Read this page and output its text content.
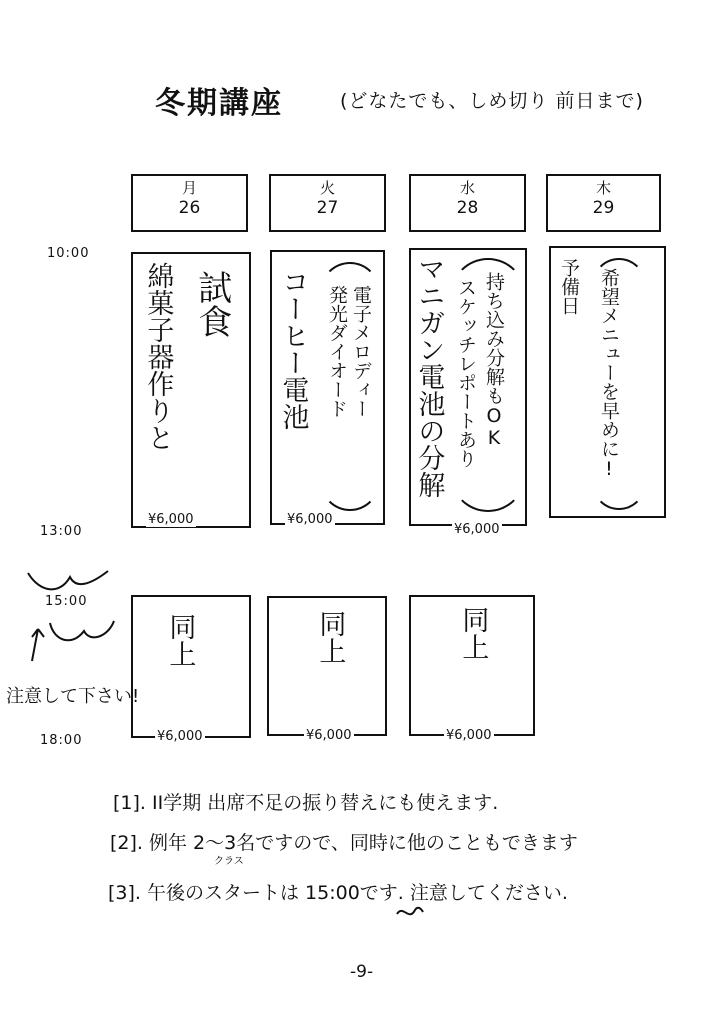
冬期講座	(どなたでも、しめ切り 前日まで)
月
26
火
27
水
28
木
29
10:00
13:00
15:00
18:00
試食
綿菓子器作りと
¥6,000
コーヒー電池 電子メロディー
発光ダイオード
¥6,000
マニガン電池の分解 持ち込み分解もOK
スケッチレポートあり
¥6,000
予備日 希望メニューを早めに!
同上
¥6,000
同上
¥6,000
同上
¥6,000
注意して下さい!
[1]. II学期 出席不足の振り替えにも使えます.
[2]. 例年 2〜3名ですので、同時に他のこともできます
クラス
[3]. 午後のスタートは 15:00です. 注意してください.
-9-
